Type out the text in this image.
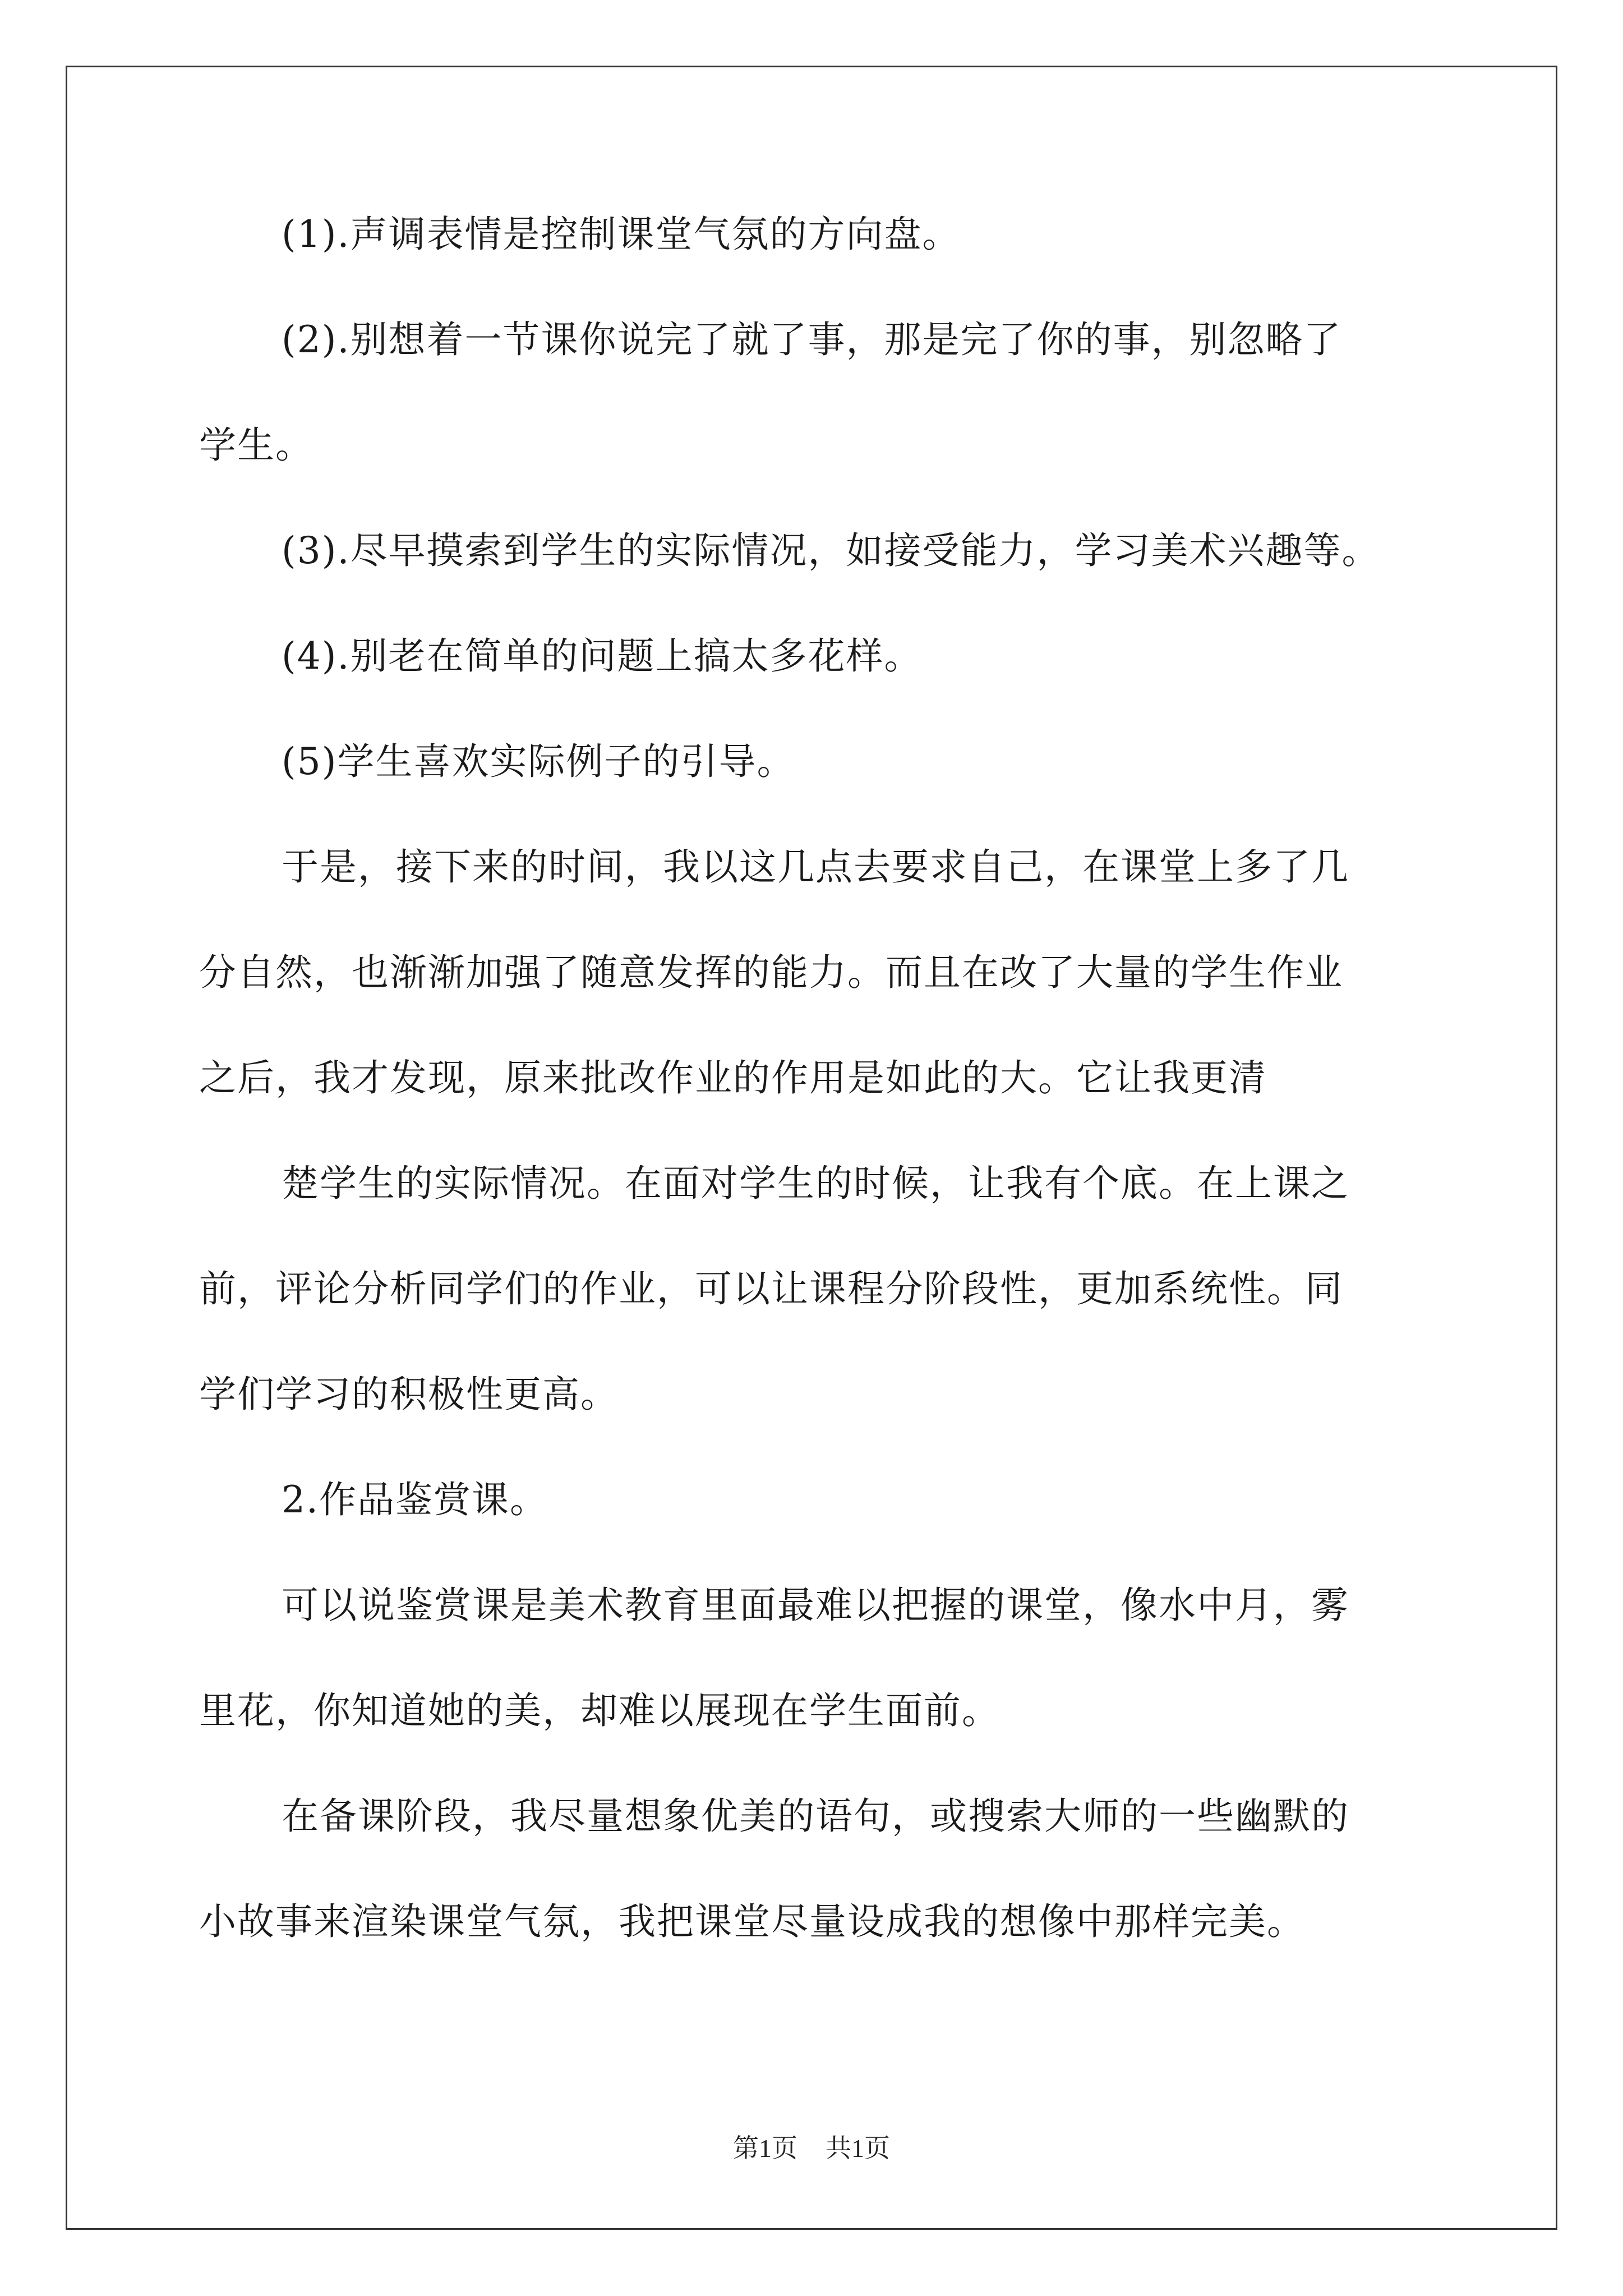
(1).声调表情是控制课堂气氛的方向盘。
(2).别想着一节课你说完了就了事，那是完了你的事，别忽略了
学生。
(3).尽早摸索到学生的实际情况，如接受能力，学习美术兴趣等。
(4).别老在简单的问题上搞太多花样。
(5)学生喜欢实际例子的引导。
于是，接下来的时间，我以这几点去要求自己，在课堂上多了几
分自然，也渐渐加强了随意发挥的能力。而且在改了大量的学生作业
之后，我才发现，原来批改作业的作用是如此的大。它让我更清
楚学生的实际情况。在面对学生的时候，让我有个底。在上课之
前，评论分析同学们的作业，可以让课程分阶段性，更加系统性。同
学们学习的积极性更高。
2.作品鉴赏课。
可以说鉴赏课是美术教育里面最难以把握的课堂，像水中月，雾
里花，你知道她的美，却难以展现在学生面前。
在备课阶段，我尽量想象优美的语句，或搜索大师的一些幽默的
小故事来渲染课堂气氛，我把课堂尽量设成我的想像中那样完美。
第1页 共1页
